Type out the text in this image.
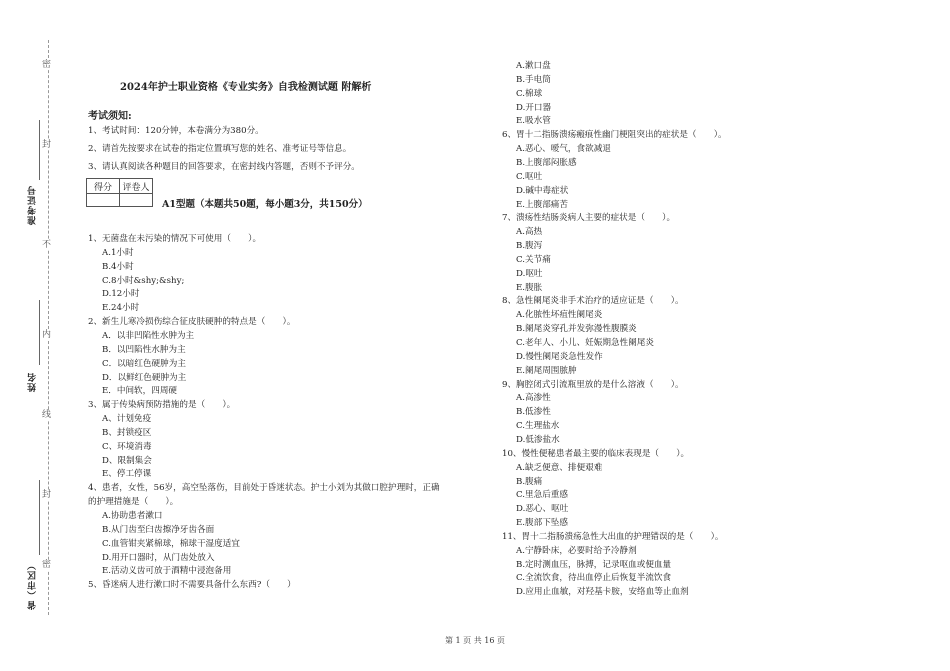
密
封
不
内
线
封
密
准考证号
姓名
省（市区）
2024年护士职业资格《专业实务》自我检测试题 附解析
考试须知:
1、考试时间：120分钟，本卷满分为380分。
2、请首先按要求在试卷的指定位置填写您的姓名、准考证号等信息。
3、请认真阅读各种题目的回答要求，在密封线内答题，否则不予评分。
得分	评卷人

A1型题（本题共50题，每小题3分，共150分）
1、无菌盘在未污染的情况下可使用（　　）。
A.1小时
B.4小时
C.8小时&shy;&shy;
D.12小时
E.24小时
2、新生儿寒冷损伤综合征皮肤硬肿的特点是（　　）。
A．以非凹陷性水肿为主
B．以凹陷性水肿为主
C．以暗红色硬肿为主
D．以鲜红色硬肿为主
E．中间软，四周硬
3、属于传染病预防措施的是（　　）。
A、计划免疫
B、封锁疫区
C、环境消毒
D、限制集会
E、停工停课
4、患者，女性，56岁，高空坠落伤，目前处于昏迷状态。护士小刘为其做口腔护理时，正确
的护理措施是（　　）。
A.协助患者漱口
B.从门齿至臼齿擦净牙齿各面
C.血管钳夹紧棉球，棉球干湿度适宜
D.用开口器时，从门齿处放入
E.活动义齿可放于酒精中浸泡备用
5、昏迷病人进行漱口时不需要具备什么东西?（　　）
A.漱口盘
B.手电筒
C.棉球
D.开口器
E.吸水管
6、胃十二指肠溃疡瘢痕性幽门梗阻突出的症状是（　　）。
A.恶心、嗳气，食欲减退
B.上腹部闷胀感
C.呕吐
D.碱中毒症状
E.上腹部痛苦
7、溃疡性结肠炎病人主要的症状是（　　）。
A.高热
B.腹泻
C.关节痛
D.呕吐
E.腹胀
8、急性阑尾炎非手术治疗的适应证是（　　）。
A.化脓性坏疽性阑尾炎
B.阑尾炎穿孔并发弥漫性腹膜炎
C.老年人、小儿、妊娠期急性阑尾炎
D.慢性阑尾炎急性发作
E.阑尾周围脓肿
9、胸腔闭式引流瓶里放的是什么溶液（　　）。
A.高渗性
B.低渗性
C.生理盐水
D.低渗盐水
10、慢性便秘患者最主要的临床表现是（　　）。
A.缺乏便意、排便艰难
B.腹痛
C.里急后重感
D.恶心、呕吐
E.腹部下坠感
11、胃十二指肠溃疡急性大出血的护理错误的是（　　）。
A.宁静卧床，必要时给予冷静剂
B.定时测血压，脉搏，记录呕血或便血量
C.全流饮食，待出血停止后恢复半流饮食
D.应用止血敏，对羟基卡胺，安络血等止血剂
第 1 页 共 16 页
